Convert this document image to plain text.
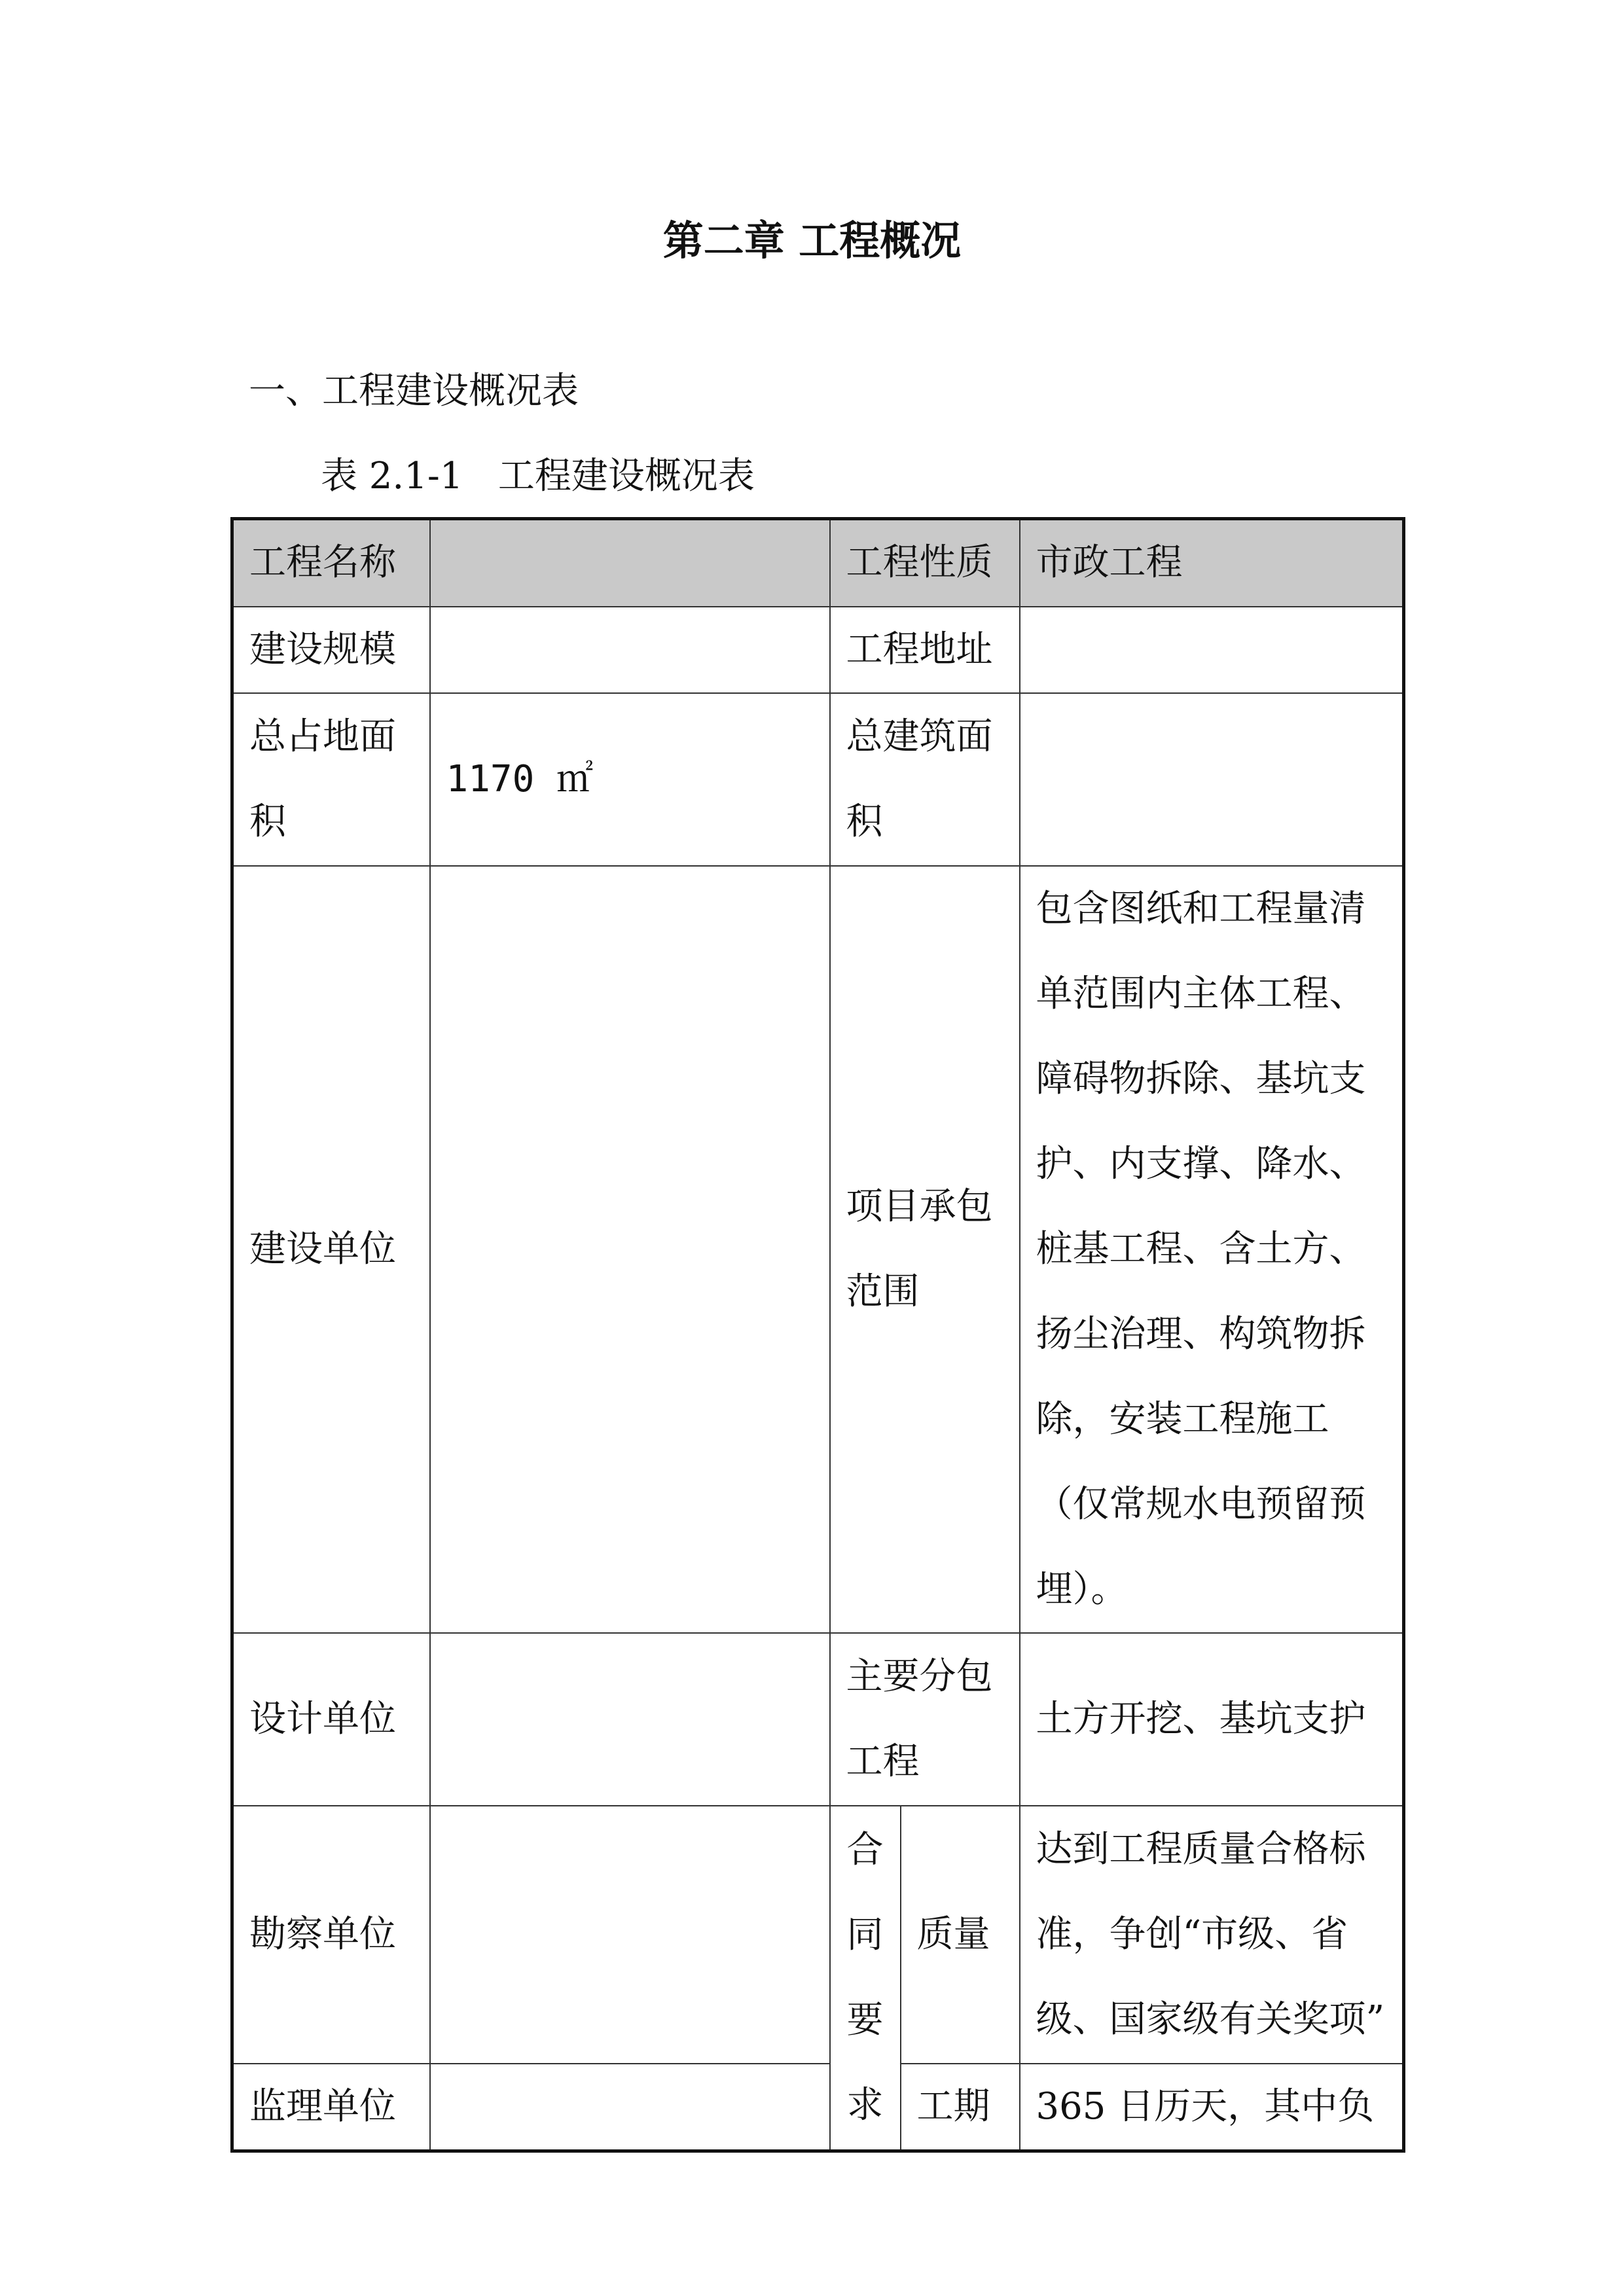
第二章 工程概况
一、工程建设概况表
表 2.1-1   工程建设概况表
工程名称		工程性质		市政工程
建设规模		工程地址		
总占地面积	1170 ㎡	总建筑面积		
建设单位		项目承包范围		包含图纸和工程量清单范围内主体工程、障碍物拆除、基坑支护、内支撑、降水、桩基工程、含土方、扬尘治理、构筑物拆除，安装工程施工（仅常规水电预留预埋）。
设计单位		主要分包工程		土方开挖、基坑支护
勘察单位		合同要求	质量	达到工程质量合格标准，争创“市级、省级、国家级有关奖项”
监理单位			工期	365 日历天，其中负
